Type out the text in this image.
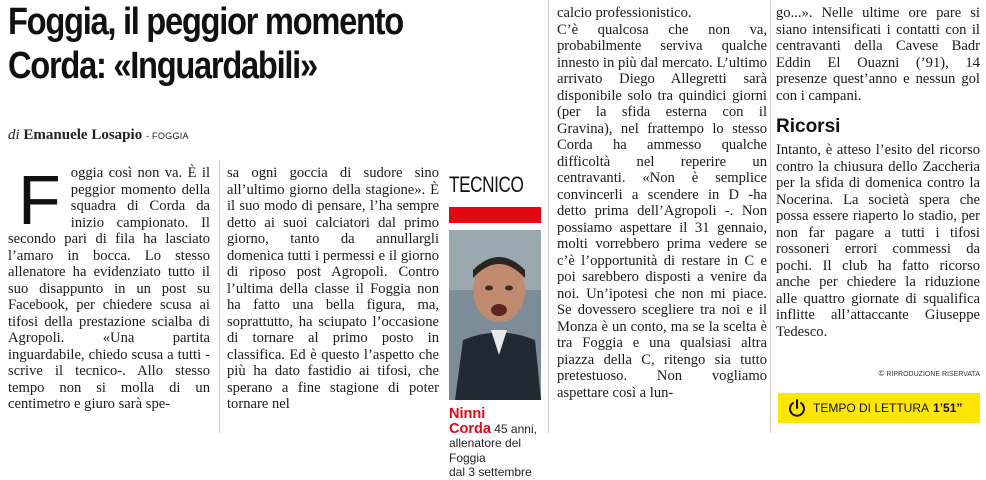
Foggia, il peggior momento
Corda: «Inguardabili»
di Emanuele Losapio - FOGGIA
F oggia così non va. È il peggior momento della squadra di Corda da inizio campionato. Il secondo pari di fila ha lasciato l’amaro in bocca. Lo stesso allenatore ha evidenziato tutto il suo disappunto in un post su Facebook, per chiedere scusa ai tifosi della prestazione scialba di Agropoli. «Una partita inguardabile, chiedo scusa a tutti -scrive il tecnico-. Allo stesso tempo non si molla di un centimetro e giuro sarà spe-

sa ogni goccia di sudore sino all’ultimo giorno della stagione». È il suo modo di pensare, l’ha sempre detto ai suoi calciatori dal primo giorno, tanto da annullargli domenica tutti i permessi e il giorno di riposo post Agropoli. Contro l’ultima della classe il Foggia non ha fatto una bella figura, ma, soprattutto, ha sciupato l’occasione di tornare al primo posto in classifica. Ed è questo l’aspetto che più ha dato fastidio ai tifosi, che sperano a fine stagione di poter tornare nel

TECNICO
Ninni
Corda 45 anni,
allenatore del Foggia
dal 3 settembre

calcio professionistico.

C’è qualcosa che non va, probabilmente serviva qualche innesto in più dal mercato. L’ultimo arrivato Diego Allegretti sarà disponibile solo tra quindici giorni (per la sfida esterna con il Gravina), nel frattempo lo stesso Corda ha ammesso qualche difficoltà nel reperire un centravanti. «Non è semplice convincerli a scendere in D -ha detto prima dell’Agropoli -. Non possiamo aspettare il 31 gennaio, molti vorrebbero prima vedere se c’è l’opportunità di restare in C e poi sarebbero disposti a venire da noi. Un’ipotesi che non mi piace. Se dovessero scegliere tra noi e il Monza è un conto, ma se la scelta è tra Foggia e una qualsiasi altra piazza della C, ritengo sia tutto pretestuoso. Non vogliamo aspettare così a lun-

go...». Nelle ultime ore pare si siano intensificati i contatti con il centravanti della Cavese Badr Eddin El Ouazni (’91), 14 presenze quest’anno e nessun gol con i campani.

Ricorsi

Intanto, è atteso l’esito del ricorso contro la chiusura dello Zaccheria per la sfida di domenica contro la Nocerina. La società spera che possa essere riaperto lo stadio, per non far pagare a tutti i tifosi rossoneri errori commessi da pochi. Il club ha fatto ricorso anche per chiedere la riduzione alle quattro giornate di squalifica inflitte all’attaccante Giuseppe Tedesco.

© RIPRODUZIONE RISERVATA
TEMPO DI LETTURA 1’51”
